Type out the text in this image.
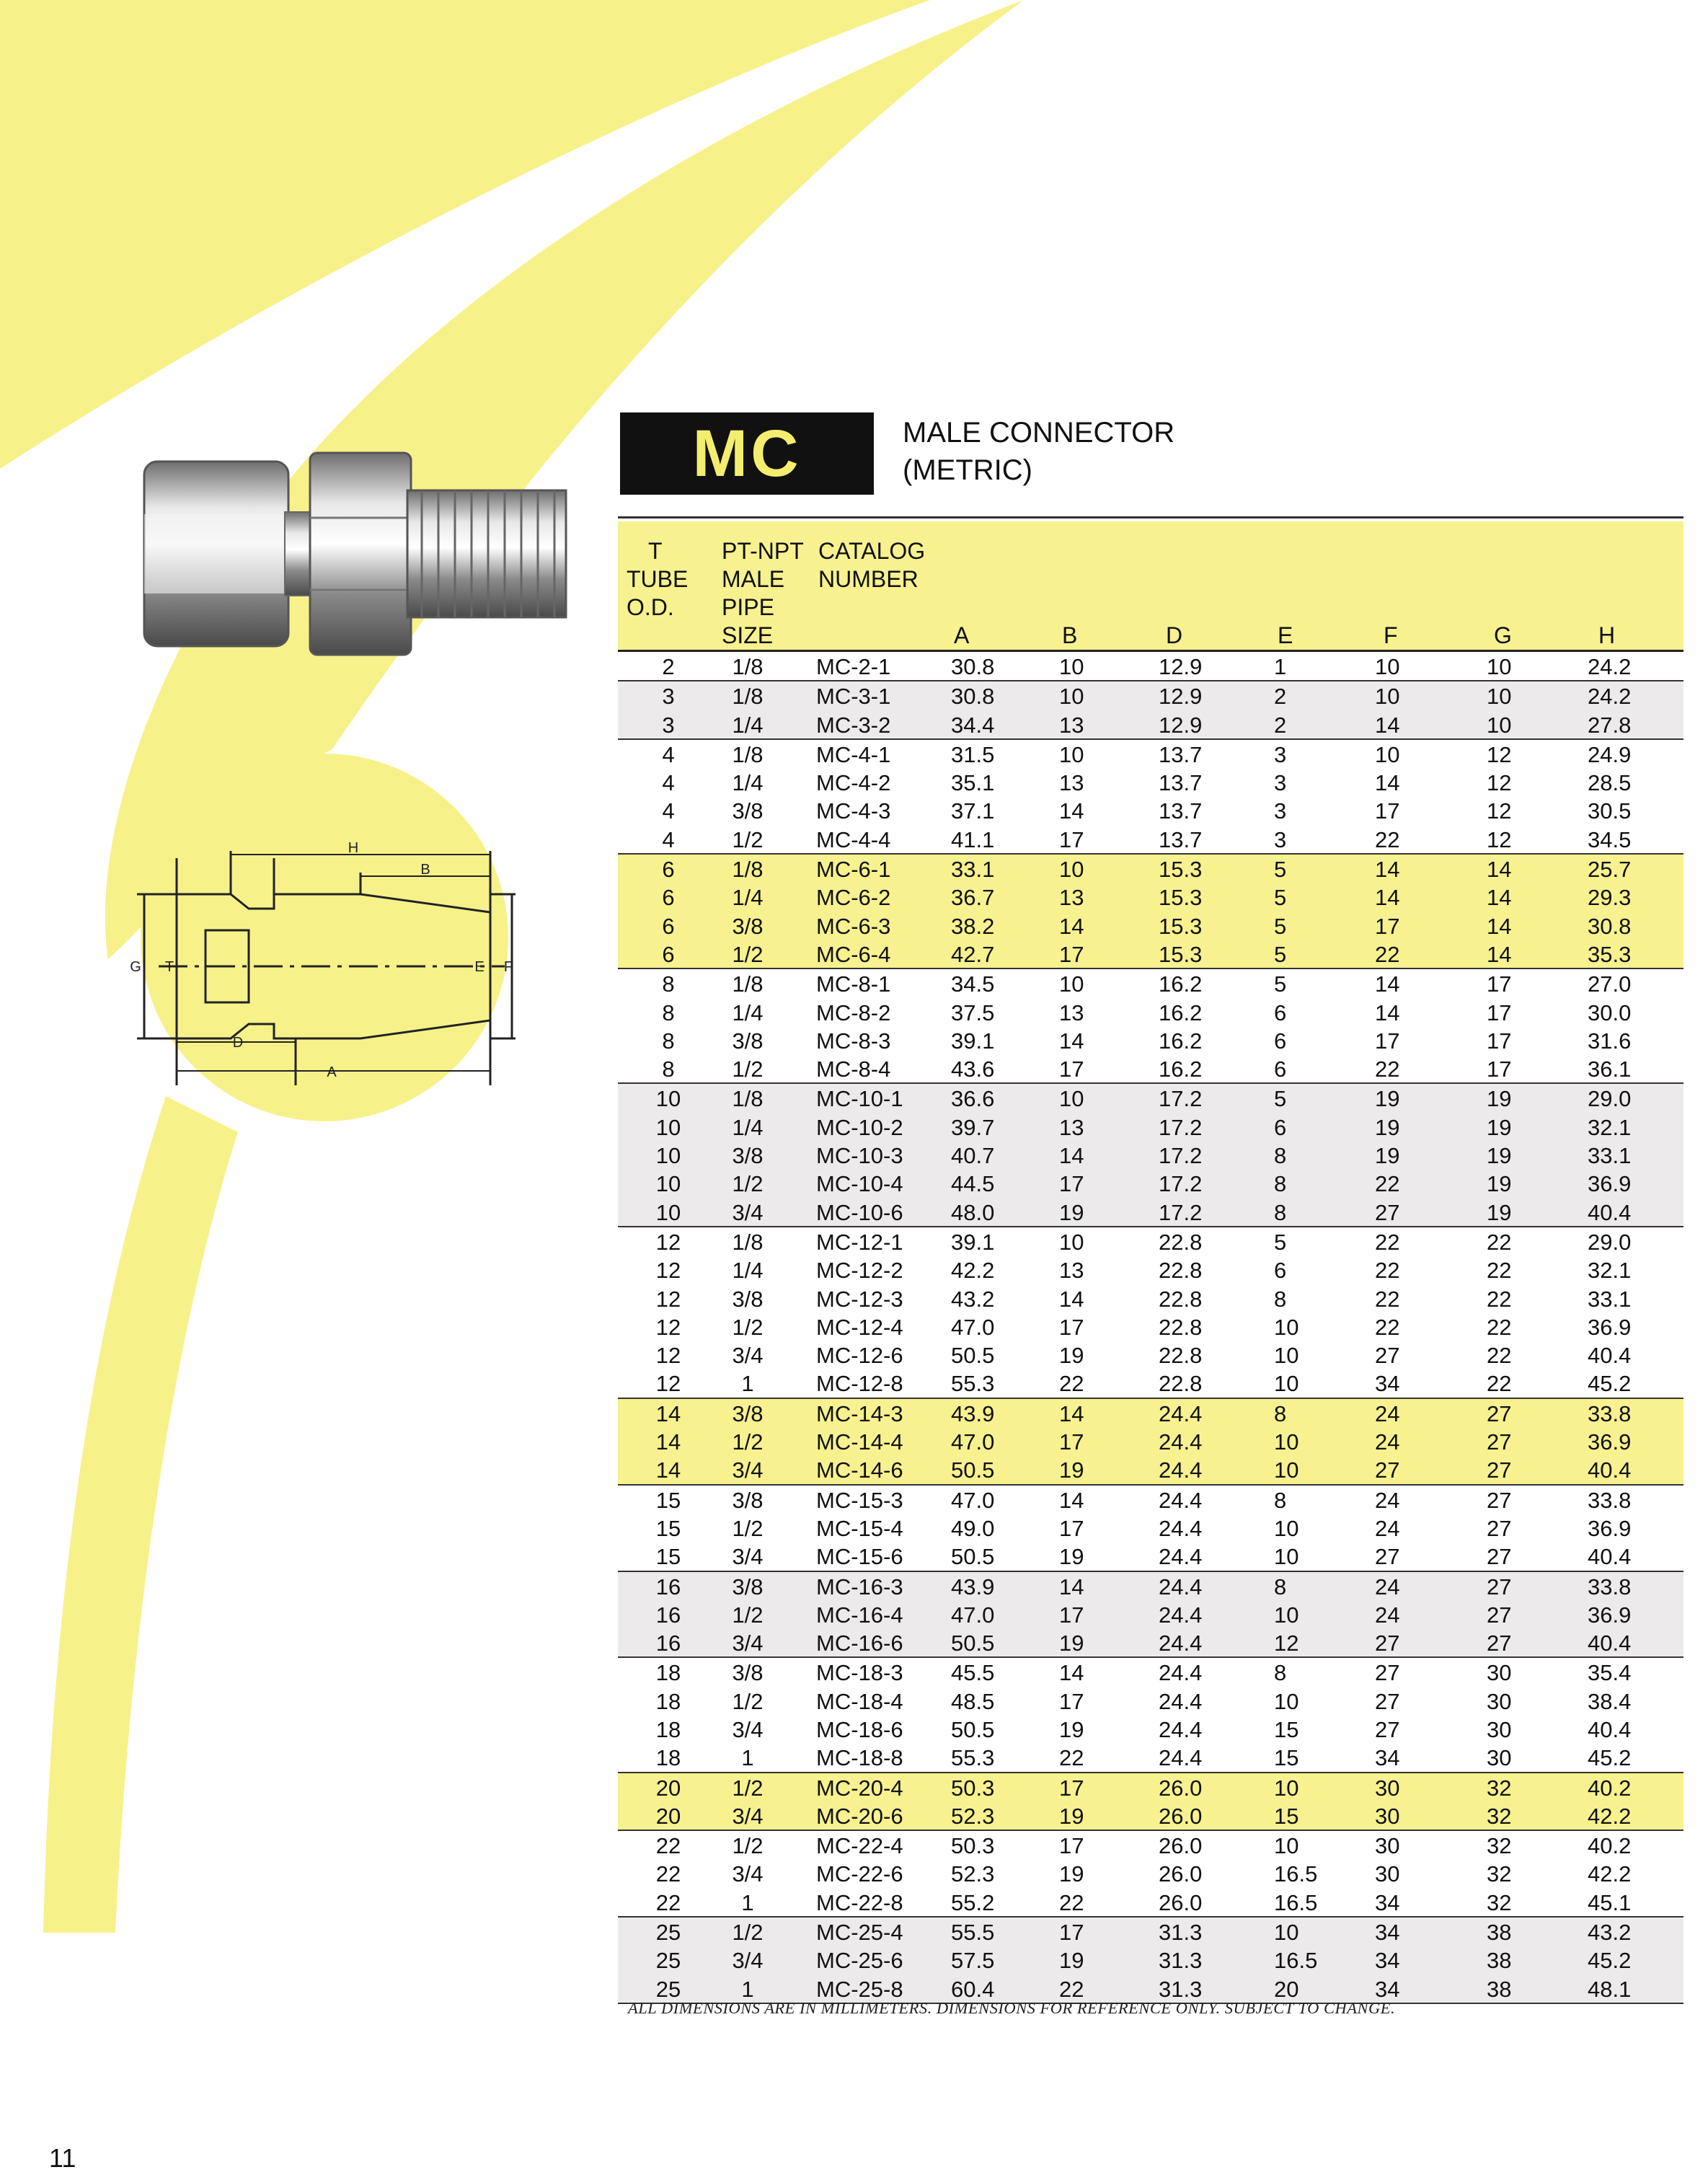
H
B
G T	E F
D
A
MC	MALE CONNECTOR
(METRIC)
T
TUBE
O.D.
PT-NPT
MALE
PIPE
SIZE
CATALOG
NUMBER
A	B	D	E	F	G	H
2	1/8	MC-2-1	30.8	10	12.9	1	10	10	24.2
3	1/8	MC-3-1	30.8	10	12.9	2	10	10	24.2
3	1/4	MC-3-2	34.4	13	12.9	2	14	10	27.8
4	1/8	MC-4-1	31.5	10	13.7	3	10	12	24.9
4	1/4	MC-4-2	35.1	13	13.7	3	14	12	28.5
4	3/8	MC-4-3	37.1	14	13.7	3	17	12	30.5
4	1/2	MC-4-4	41.1	17	13.7	3	22	12	34.5
6	1/8	MC-6-1	33.1	10	15.3	5	14	14	25.7
6	1/4	MC-6-2	36.7	13	15.3	5	14	14	29.3
6	3/8	MC-6-3	38.2	14	15.3	5	17	14	30.8
6	1/2	MC-6-4	42.7	17	15.3	5	22	14	35.3
8	1/8	MC-8-1	34.5	10	16.2	5	14	17	27.0
8	1/4	MC-8-2	37.5	13	16.2	6	14	17	30.0
8	3/8	MC-8-3	39.1	14	16.2	6	17	17	31.6
8	1/2	MC-8-4	43.6	17	16.2	6	22	17	36.1
10	1/8	MC-10-1 36.6	10	17.2	5	19	19	29.0
10	1/4	MC-10-2 39.7	13	17.2	6	19	19	32.1
10	3/8	MC-10-3 40.7	14	17.2	8	19	19	33.1
10	1/2	MC-10-4 44.5	17	17.2	8	22	19	36.9
10	3/4	MC-10-6 48.0	19	17.2	8	27	19	40.4
12	1/8	MC-12-1 39.1	10	22.8	5	22	22	29.0
12	1/4	MC-12-2 42.2	13	22.8	6	22	22	32.1
12	3/8	MC-12-3 43.2	14	22.8	8	22	22	33.1
12	1/2	MC-12-4 47.0	17	22.8	10	22	22	36.9
12	3/4	MC-12-6 50.5	19	22.8	10	27	22	40.4
12	1	MC-12-8 55.3	22	22.8	10	34	22	45.2
14	3/8	MC-14-3 43.9	14	24.4	8	24	27	33.8
14	1/2	MC-14-4 47.0	17	24.4	10	24	27	36.9
14	3/4	MC-14-6 50.5	19	24.4	10	27	27	40.4
15	3/8	MC-15-3 47.0	14	24.4	8	24	27	33.8
15	1/2	MC-15-4 49.0	17	24.4	10	24	27	36.9
15	3/4	MC-15-6 50.5	19	24.4	10	27	27	40.4
16	3/8	MC-16-3 43.9	14	24.4	8	24	27	33.8
16	1/2	MC-16-4 47.0	17	24.4	10	24	27	36.9
16	3/4	MC-16-6 50.5	19	24.4	12	27	27	40.4
18	3/8	MC-18-3 45.5	14	24.4	8	27	30	35.4
18	1/2	MC-18-4 48.5	17	24.4	10	27	30	38.4
18	3/4	MC-18-6 50.5	19	24.4	15	27	30	40.4
18	1	MC-18-8 55.3	22	24.4	15	34	30	45.2
20	1/2	MC-20-4 50.3	17	26.0	10	30	32	40.2
20	3/4	MC-20-6 52.3	19	26.0	15	30	32	42.2
22	1/2	MC-22-4 50.3	17	26.0	10	30	32	40.2
22	3/4	MC-22-6 52.3	19	26.0	16.5	30	32	42.2
22	1	MC-22-8 55.2	22	26.0	16.5	34	32	45.1
25	1/2	MC-25-4 55.5	17	31.3	10	34	38	43.2
25	3/4	MC-25-6 57.5	19	31.3	16.5	34	38	45.2
25	1	MC-25-8 60.4	22	31.3	20	34	38	48.1
ALL DIMENSIONS ARE IN MILLIMETERS. DIMENSIONS FOR REFERENCE ONLY. SUBJECT TO CHANGE.
11
